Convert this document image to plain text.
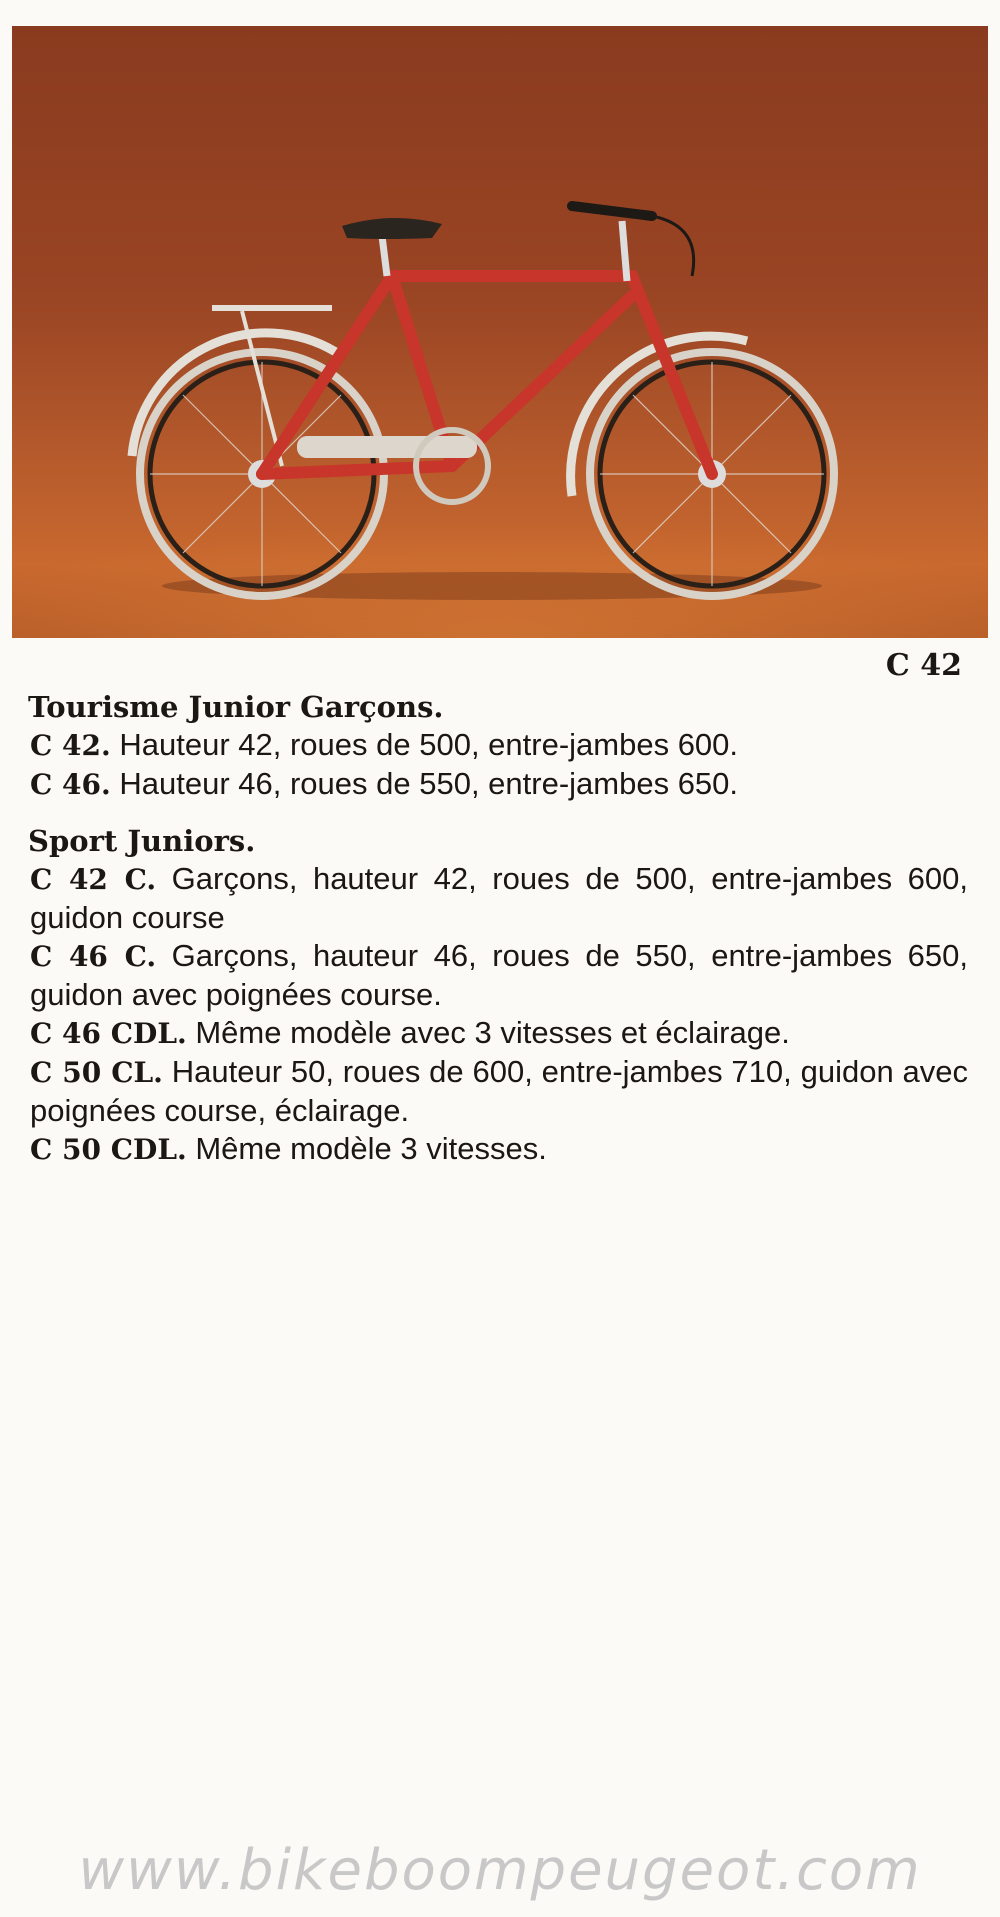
C 42
Tourisme Junior Garçons.

C 42. Hauteur 42, roues de 500, entre-jambes 600.

C 46. Hauteur 46, roues de 550, entre-jambes 650.

Sport Juniors.

C 42 C. Garçons, hauteur 42, roues de 500, entre-jambes 600, guidon course

C 46 C. Garçons, hauteur 46, roues de 550, entre-jambes 650, guidon avec poignées course.

C 46 CDL. Même modèle avec 3 vitesses et éclairage.

C 50 CL. Hauteur 50, roues de 600, entre-jambes 710, guidon avec poignées course, éclairage.

C 50 CDL. Même modèle 3 vitesses.

www.bikeboompeugeot.com
